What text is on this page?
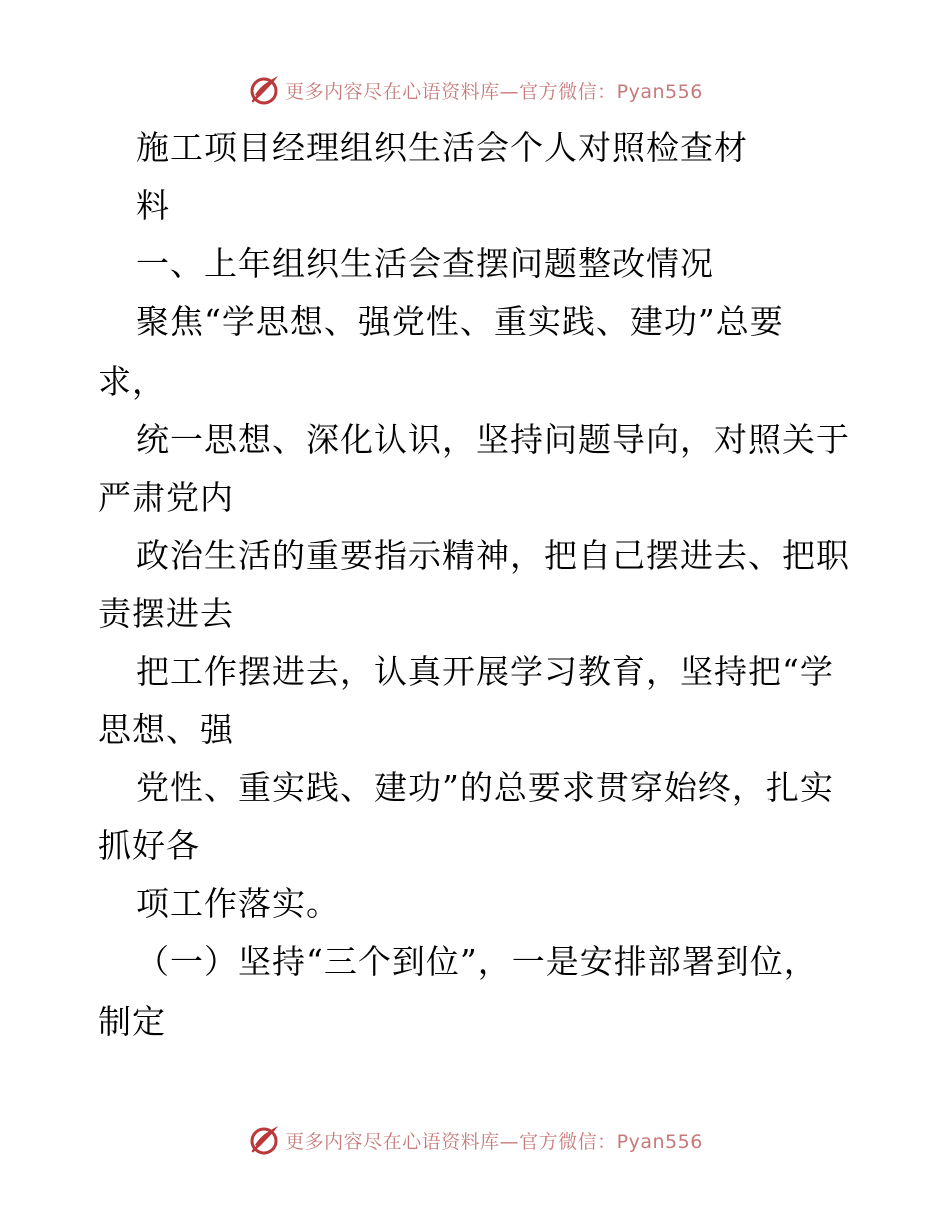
更多内容尽在心语资料库—官方微信：Pyan556
施工项目经理组织生活会个人对照检查材
料
一、上年组织生活会查摆问题整改情况
聚焦“学思想、强党性、重实践、建功”总要
求，
统一思想、深化认识，坚持问题导向，对照关于
严肃党内
政治生活的重要指示精神，把自己摆进去、把职
责摆进去
把工作摆进去，认真开展学习教育，坚持把“学
思想、强
党性、重实践、建功”的总要求贯穿始终，扎实
抓好各
项工作落实。
（一）坚持“三个到位”，一是安排部署到位，
制定
更多内容尽在心语资料库—官方微信：Pyan556
